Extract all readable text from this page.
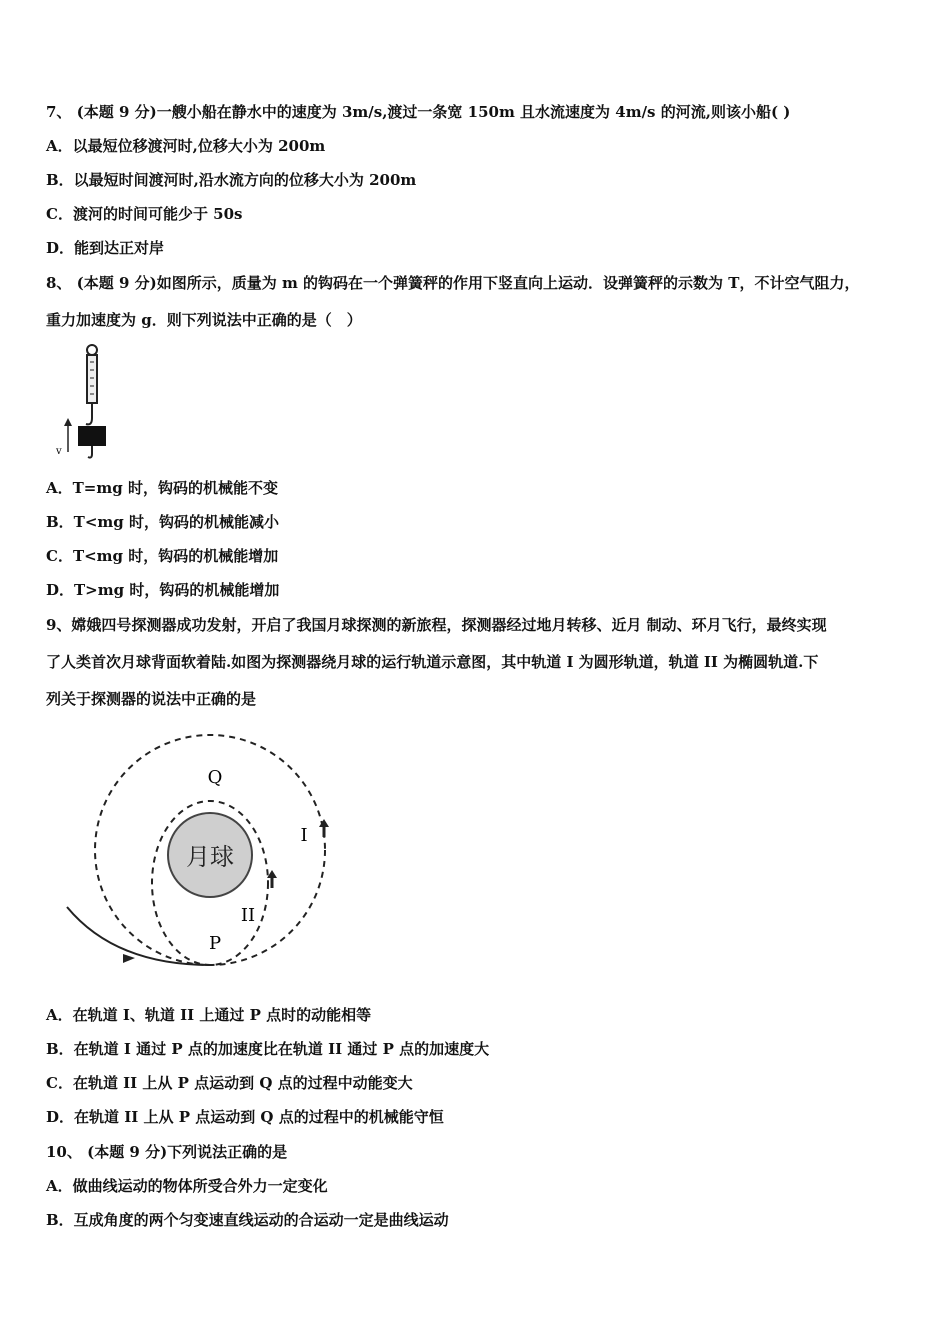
7、 (本题 9 分)一艘小船在静水中的速度为 3m/s,渡过一条宽 150m 且水流速度为 4m/s 的河流,则该小船( )
A．以最短位移渡河时,位移大小为 200m
B．以最短时间渡河时,沿水流方向的位移大小为 200m
C．渡河的时间可能少于 50s
D．能到达正对岸
8、 (本题 9 分)如图所示，质量为 m 的钩码在一个弹簧秤的作用下竖直向上运动．设弹簧秤的示数为 T，不计空气阻力，
重力加速度为 g．则下列说法中正确的是（　）
v
A．T=mg 时，钩码的机械能不变
B．T<mg 时，钩码的机械能减小
C．T<mg 时，钩码的机械能增加
D．T>mg 时，钩码的机械能增加
9、嫦娥四号探测器成功发射，开启了我国月球探测的新旅程，探测器经过地月转移、近月 制动、环月飞行，最终实现
了人类首次月球背面软着陆.如图为探测器绕月球的运行轨道示意图，其中轨道 I 为圆形轨道，轨道 II 为椭圆轨道.下
列关于探测器的说法中正确的是
月球
Q
P
I
II
A．在轨道 I、轨道 II 上通过 P 点时的动能相等
B．在轨道 I 通过 P 点的加速度比在轨道 II 通过 P 点的加速度大
C．在轨道 II 上从 P 点运动到 Q 点的过程中动能变大
D．在轨道 II 上从 P 点运动到 Q 点的过程中的机械能守恒
10、 (本题 9 分)下列说法正确的是
A．做曲线运动的物体所受合外力一定变化
B．互成角度的两个匀变速直线运动的合运动一定是曲线运动
